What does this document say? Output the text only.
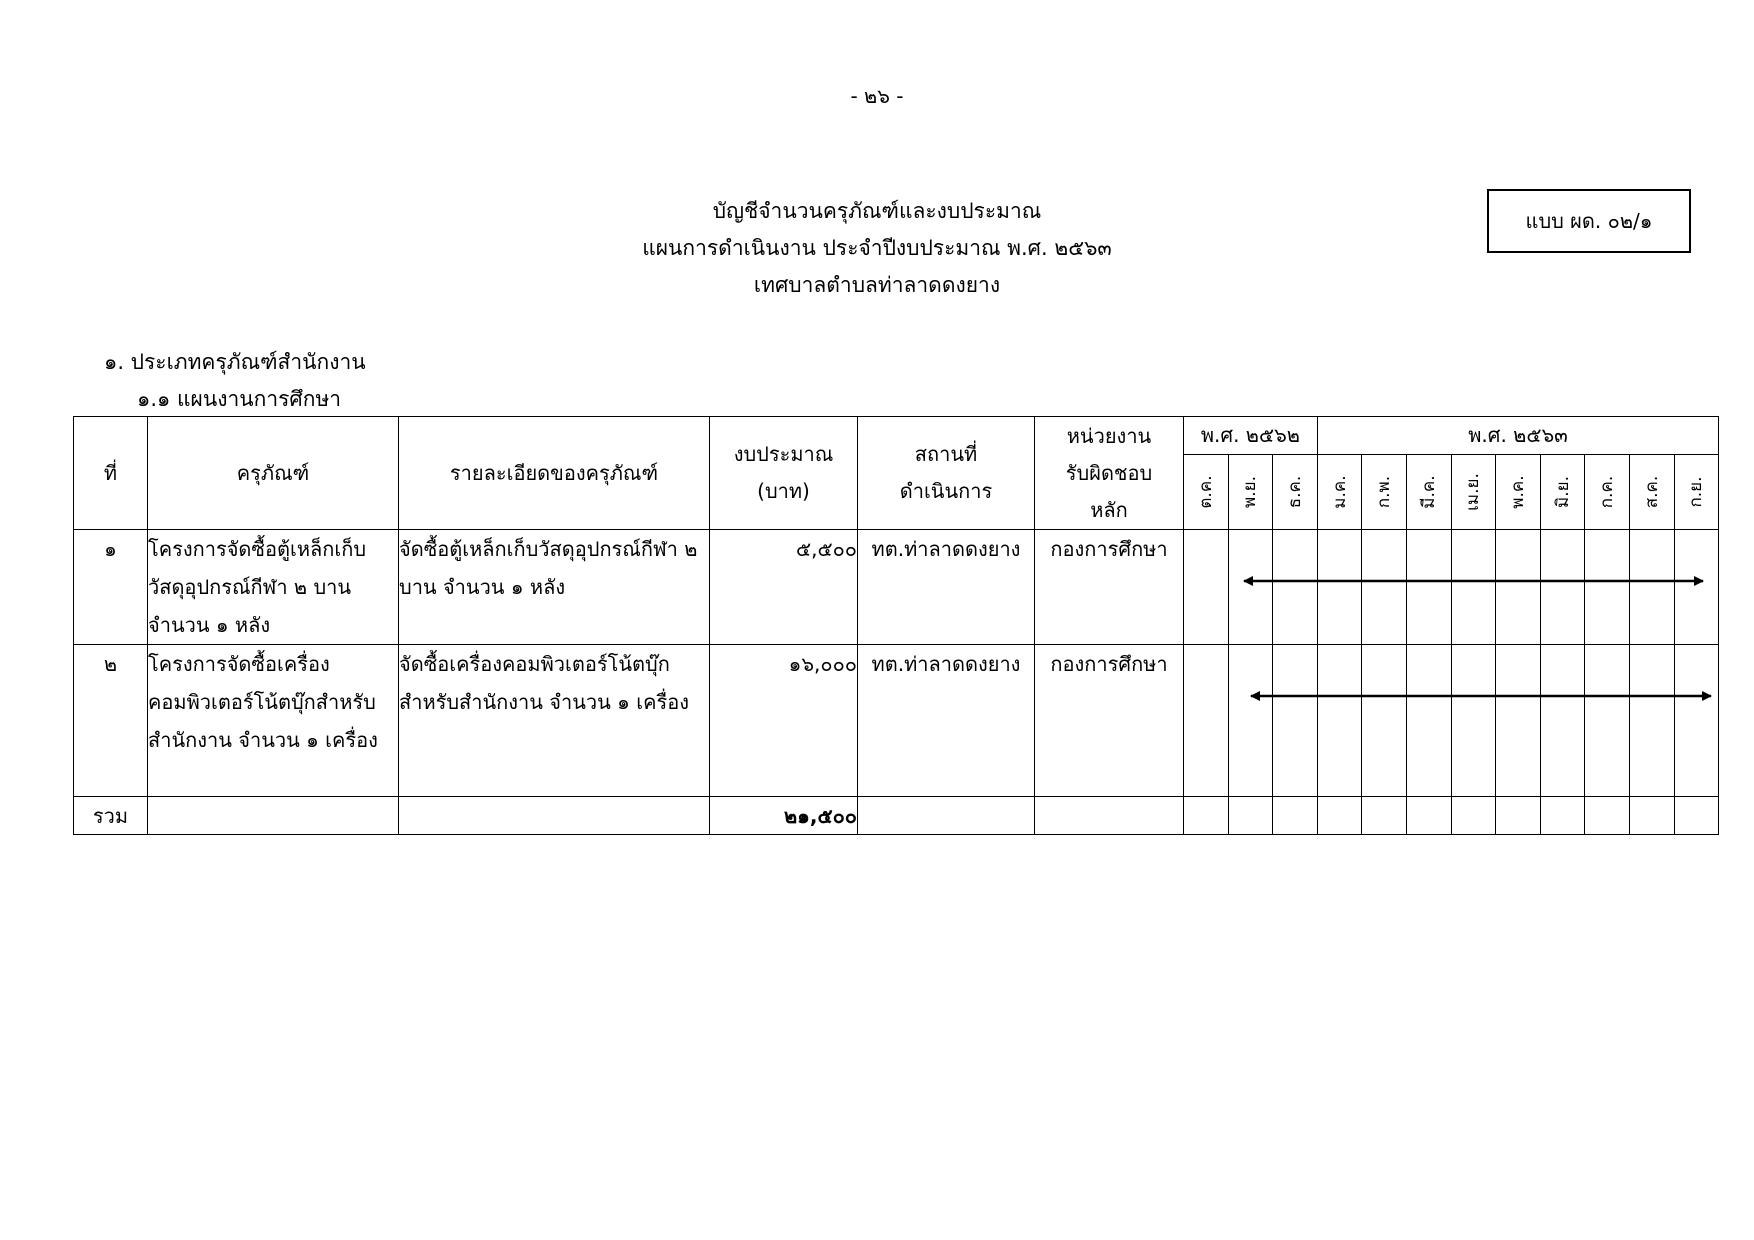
- ๒๖ -
บัญชีจำนวนครุภัณฑ์และงบประมาณ
แผนการดำเนินงาน ประจำปีงบประมาณ พ.ศ. ๒๕๖๓
เทศบาลตำบลท่าลาดดงยาง
แบบ ผด. ๐๒/๑
๑. ประเภทครุภัณฑ์สำนักงาน
๑.๑ แผนงานการศึกษา
ที่	ครุภัณฑ์	รายละเอียดของครุภัณฑ์	งบประมาณ (บาท)	สถานที่ ดำเนินการ	หน่วยงาน รับผิดชอบ หลัก	พ.ศ. ๒๕๖๒			พ.ศ. ๒๕๖๓								

						ต.ค.	พ.ย.	ธ.ค.	ม.ค.	ก.พ.	มี.ค.	เม.ย.	พ.ค.	มิ.ย.	ก.ค.	ส.ค.	ก.ย.

๑	โครงการจัดซื้อตู้เหล็กเก็บวัสดุอุปกรณ์กีฬา ๒ บาน จำนวน ๑ หลัง	จัดซื้อตู้เหล็กเก็บวัสดุอุปกรณ์กีฬา ๒ บาน จำนวน ๑ หลัง	๕,๕๐๐	ทต.ท่าลาดดงยาง	กองการศึกษา												
๒	โครงการจัดซื้อเครื่องคอมพิวเตอร์โน้ตบุ๊กสำหรับสำนักงาน จำนวน ๑ เครื่อง	จัดซื้อเครื่องคอมพิวเตอร์โน้ตบุ๊กสำหรับสำนักงาน จำนวน ๑ เครื่อง	๑๖,๐๐๐	ทต.ท่าลาดดงยาง	กองการศึกษา												
รวม			๒๑,๕๐๐														
